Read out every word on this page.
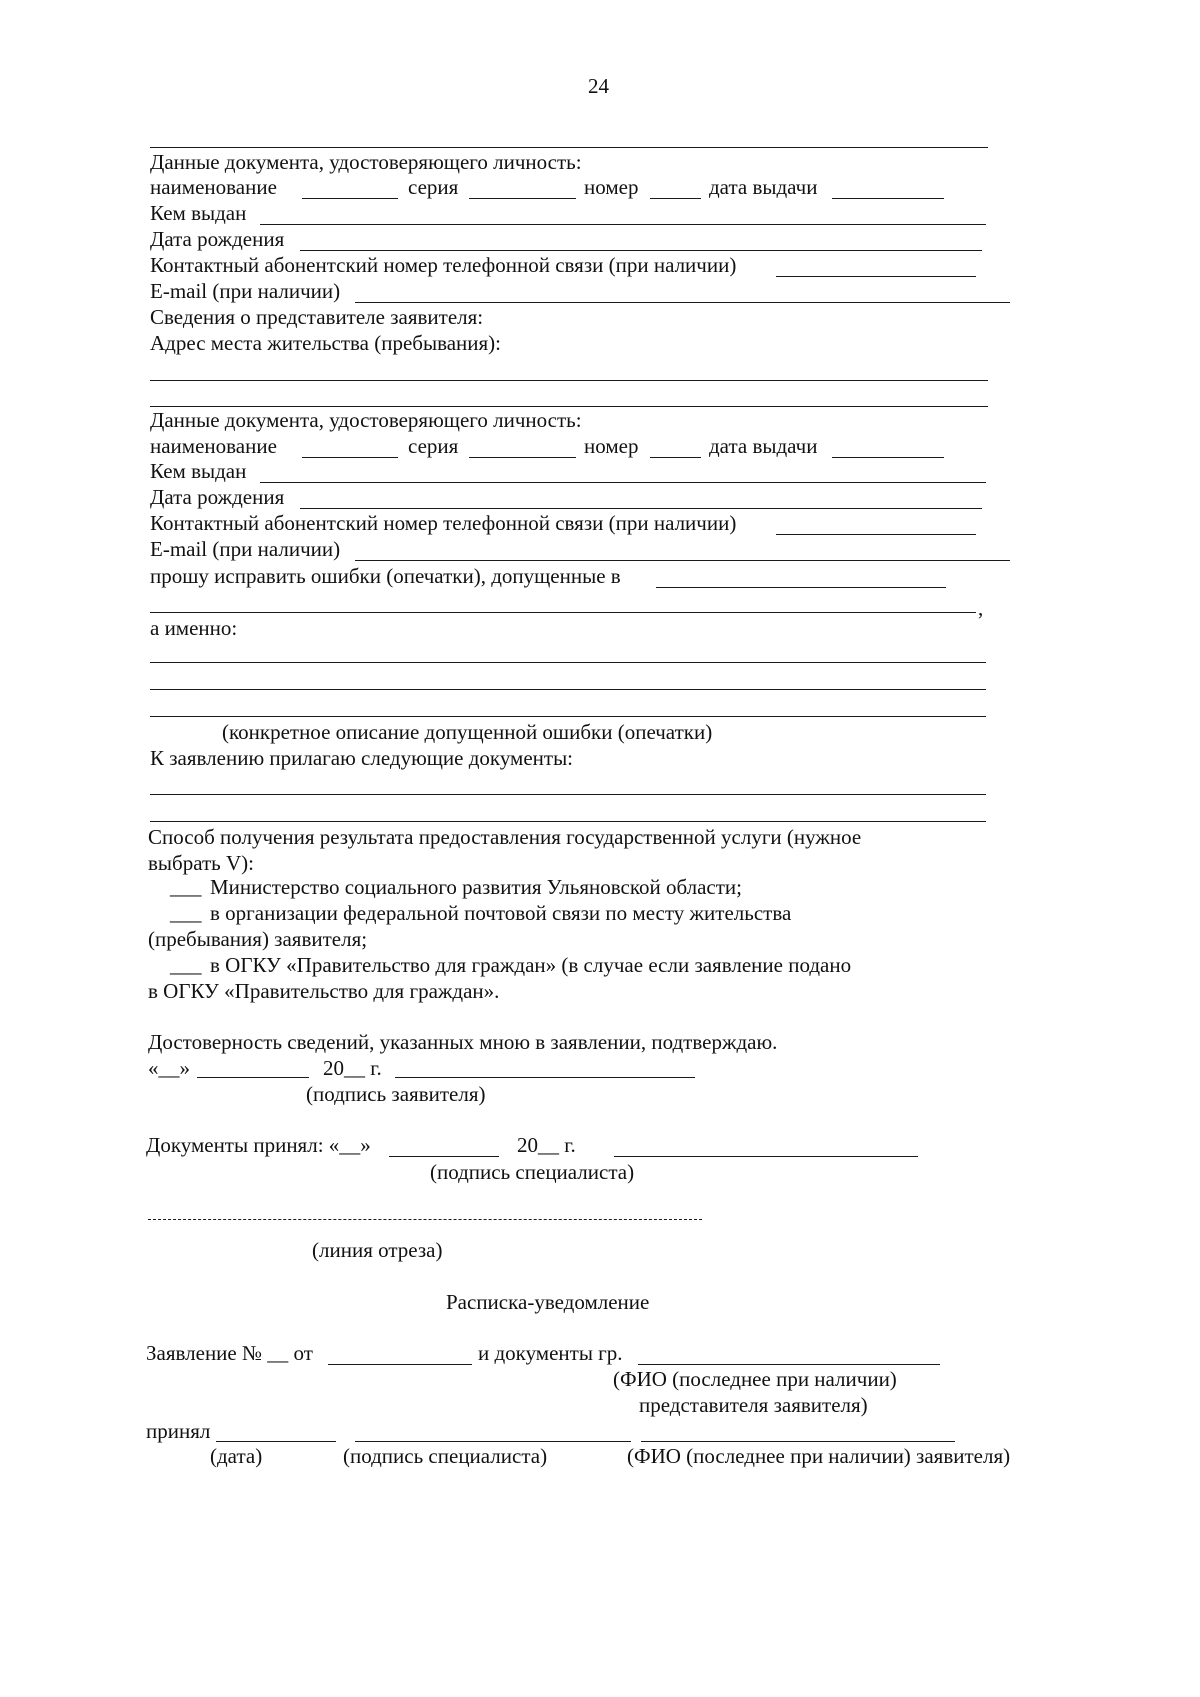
24
Данные документа, удостоверяющего личность:
наименование	серия	номер	дата выдачи
Кем выдан
Дата рождения
Контактный абонентский номер телефонной связи (при наличии)
E-mail (при наличии)
Сведения о представителе заявителя:
Адрес места жительства (пребывания):
Данные документа, удостоверяющего личность:
наименование	серия	номер	дата выдачи
Кем выдан
Дата рождения
Контактный абонентский номер телефонной связи (при наличии)
E-mail (при наличии)
прошу исправить ошибки (опечатки), допущенные в
,
а именно:
(конкретное описание допущенной ошибки (опечатки)
К заявлению прилагаю следующие документы:
Способ получения результата предоставления государственной услуги (нужное
выбрать V):
___ Министерство социального развития Ульяновской области;
___ в организации федеральной почтовой связи по месту жительства
(пребывания) заявителя;
___ в ОГКУ «Правительство для граждан» (в случае если заявление подано
в ОГКУ «Правительство для граждан».
Достоверность сведений, указанных мною в заявлении, подтверждаю.
«__»	20__ г.
(подпись заявителя)
Документы принял: «__»	20__ г.
(подпись специалиста)
(линия отреза)
Расписка-уведомление
Заявление № __ от	и документы гр.
(ФИО (последнее при наличии)
представителя заявителя)
принял
(дата)	(подпись специалиста)	(ФИО (последнее при наличии) заявителя)
